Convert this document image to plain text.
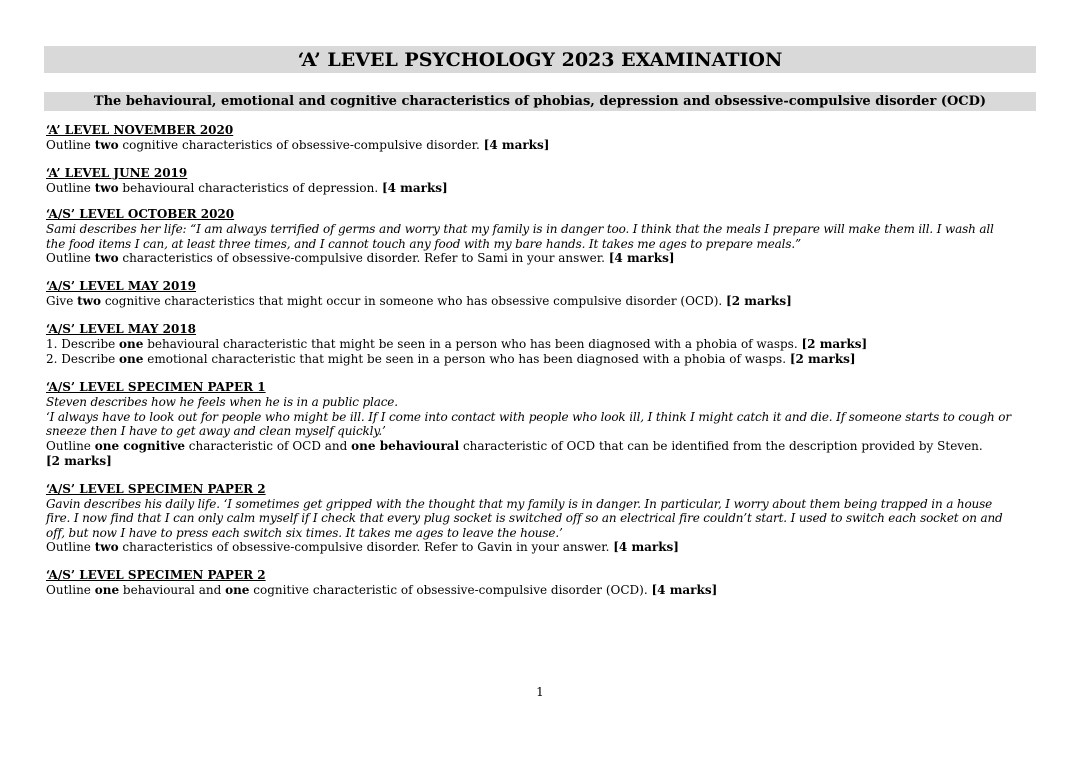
‘A’ LEVEL PSYCHOLOGY 2023 EXAMINATION
The behavioural, emotional and cognitive characteristics of phobias, depression and obsessive-compulsive disorder (OCD)
‘A’ LEVEL NOVEMBER 2020
Outline two cognitive characteristics of obsessive-compulsive disorder. [4 marks]
‘A’ LEVEL JUNE 2019
Outline two behavioural characteristics of depression. [4 marks]
‘A/S’ LEVEL OCTOBER 2020
Sami describes her life: “I am always terrified of germs and worry that my family is in danger too. I think that the meals I prepare will make them ill. I wash all
the food items I can, at least three times, and I cannot touch any food with my bare hands. It takes me ages to prepare meals.”
Outline two characteristics of obsessive-compulsive disorder. Refer to Sami in your answer. [4 marks]
‘A/S’ LEVEL MAY 2019
Give two cognitive characteristics that might occur in someone who has obsessive compulsive disorder (OCD). [2 marks]
‘A/S’ LEVEL MAY 2018
1. Describe one behavioural characteristic that might be seen in a person who has been diagnosed with a phobia of wasps. [2 marks]
2. Describe one emotional characteristic that might be seen in a person who has been diagnosed with a phobia of wasps. [2 marks]
‘A/S’ LEVEL SPECIMEN PAPER 1
Steven describes how he feels when he is in a public place.
‘I always have to look out for people who might be ill. If I come into contact with people who look ill, I think I might catch it and die. If someone starts to cough or
sneeze then I have to get away and clean myself quickly.’
Outline one cognitive characteristic of OCD and one behavioural characteristic of OCD that can be identified from the description provided by Steven.
[2 marks]
‘A/S’ LEVEL SPECIMEN PAPER 2
Gavin describes his daily life. ‘I sometimes get gripped with the thought that my family is in danger. In particular, I worry about them being trapped in a house
fire. I now find that I can only calm myself if I check that every plug socket is switched off so an electrical fire couldn’t start. I used to switch each socket on and
off, but now I have to press each switch six times. It takes me ages to leave the house.’
Outline two characteristics of obsessive-compulsive disorder. Refer to Gavin in your answer. [4 marks]
‘A/S’ LEVEL SPECIMEN PAPER 2
Outline one behavioural and one cognitive characteristic of obsessive-compulsive disorder (OCD). [4 marks]
1
